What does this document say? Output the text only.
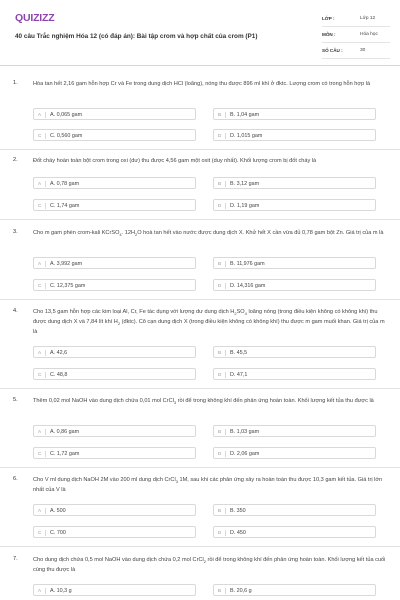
QUIZIZZ
40 câu Trắc nghiệm Hóa 12 (có đáp án): Bài tập crom và hợp chất của crom (P1)
LỚP :	Lớp 12
MÔN :	Hóa học
SỐ CÂU :	30
1.	Hòa tan hết 2,16 gam hỗn hợp Cr và Fe trong dung dịch HCl (loãng), nóng thu được 896 ml khí ở đktc. Lượng crom có trong hỗn hợp là
A	A. 0,065 gam	B	B. 1,04 gam
C	C. 0,560 gam	D	D. 1,015 gam
2.	Đốt cháy hoàn toàn bột crom trong oxi (dư) thu được 4,56 gam một oxit (duy nhất). Khối lượng crom bị đốt cháy là
A	A. 0,78 gam	B	B. 3,12 gam
C	C. 1,74 gam	D	D. 1,19 gam
3.	Cho m gam phèn crom-kali KCrSO$_4$. $12H_2O$ hoà tan hết vào nước được dung dịch X. Khử hết X cần vừa đủ 0,78 gam bột Zn. Giá trị của m là
A	A. 3,992 gam	B	B. 11,976 gam
C	C. 12,375 gam	D	D. 14,316 gam
4.	Cho 13,5 gam hỗn hợp các kim loại Al, Cr, Fe tác dụng với lượng dư dung dịch $H_2SO_4$ loãng nóng (trong điều kiện không có không khí) thu được dung dịch X và 7,84 lít khí $H_2$ (đktc). Cô cạn dung dịch X (trong điều kiện không có không khí) thu được m gam muối khan. Giá trị của m là
A	A. 42,6	B	B. 45,5
C	C. 48,8	D	D. 47,1
5.	Thêm 0,02 mol NaOH vào dung dịch chứa 0,01 mol CrCl$_3$ rồi để trong không khí đến phản ứng hoàn toàn. Khối lượng kết tủa thu được là
A	A. 0,86 gam	B	B. 1,03 gam
C	C. 1,72 gam	D	D. 2,06 gam
6.	Cho V ml dung dịch NaOH 2M vào 200 ml dung dịch CrCl$_3$ 1M, sau khi các phản ứng xảy ra hoàn toàn thu được 10,3 gam kết tủa. Giá trị lớn nhất của V là
A	A. 500	B	B. 350
C	C. 700	D	D. 450
7.	Cho dung dịch chứa 0,5 mol NaOH vào dung dịch chứa 0,2 mol CrCl$_2$ rồi để trong không khí đến phản ứng hoàn toàn. Khối lượng kết tủa cuối cùng thu được là
A	A. 10,3 g	B	B. 20,6 g
